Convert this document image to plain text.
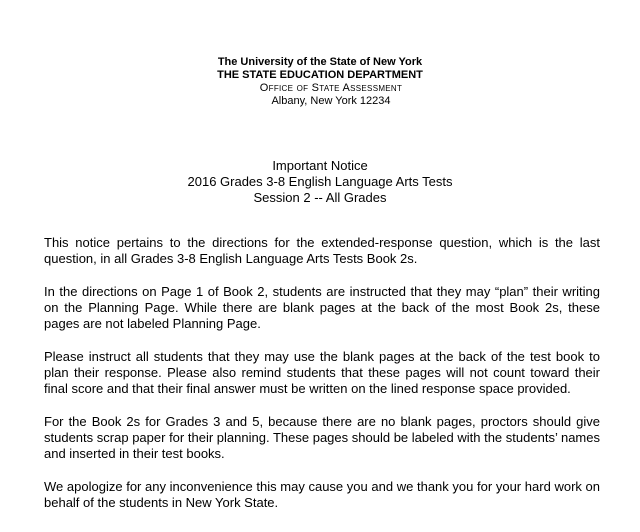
The University of the State of New York
THE STATE EDUCATION DEPARTMENT
Office of State Assessment
Albany, New York 12234
Important Notice
2016 Grades 3-8 English Language Arts Tests
Session 2 -- All Grades

This notice pertains to the directions for the extended-response question, which is the last question, in all Grades 3-8 English Language Arts Tests Book 2s.

In the directions on Page 1 of Book 2, students are instructed that they may “plan” their writing on the Planning Page. While there are blank pages at the back of the most Book 2s, these pages are not labeled Planning Page.

Please instruct all students that they may use the blank pages at the back of the test book to plan their response. Please also remind students that these pages will not count toward their final score and that their final answer must be written on the lined response space provided.

For the Book 2s for Grades 3 and 5, because there are no blank pages, proctors should give students scrap paper for their planning. These pages should be labeled with the students’ names and inserted in their test books.

We apologize for any inconvenience this may cause you and we thank you for your hard work on behalf of the students in New York State.
